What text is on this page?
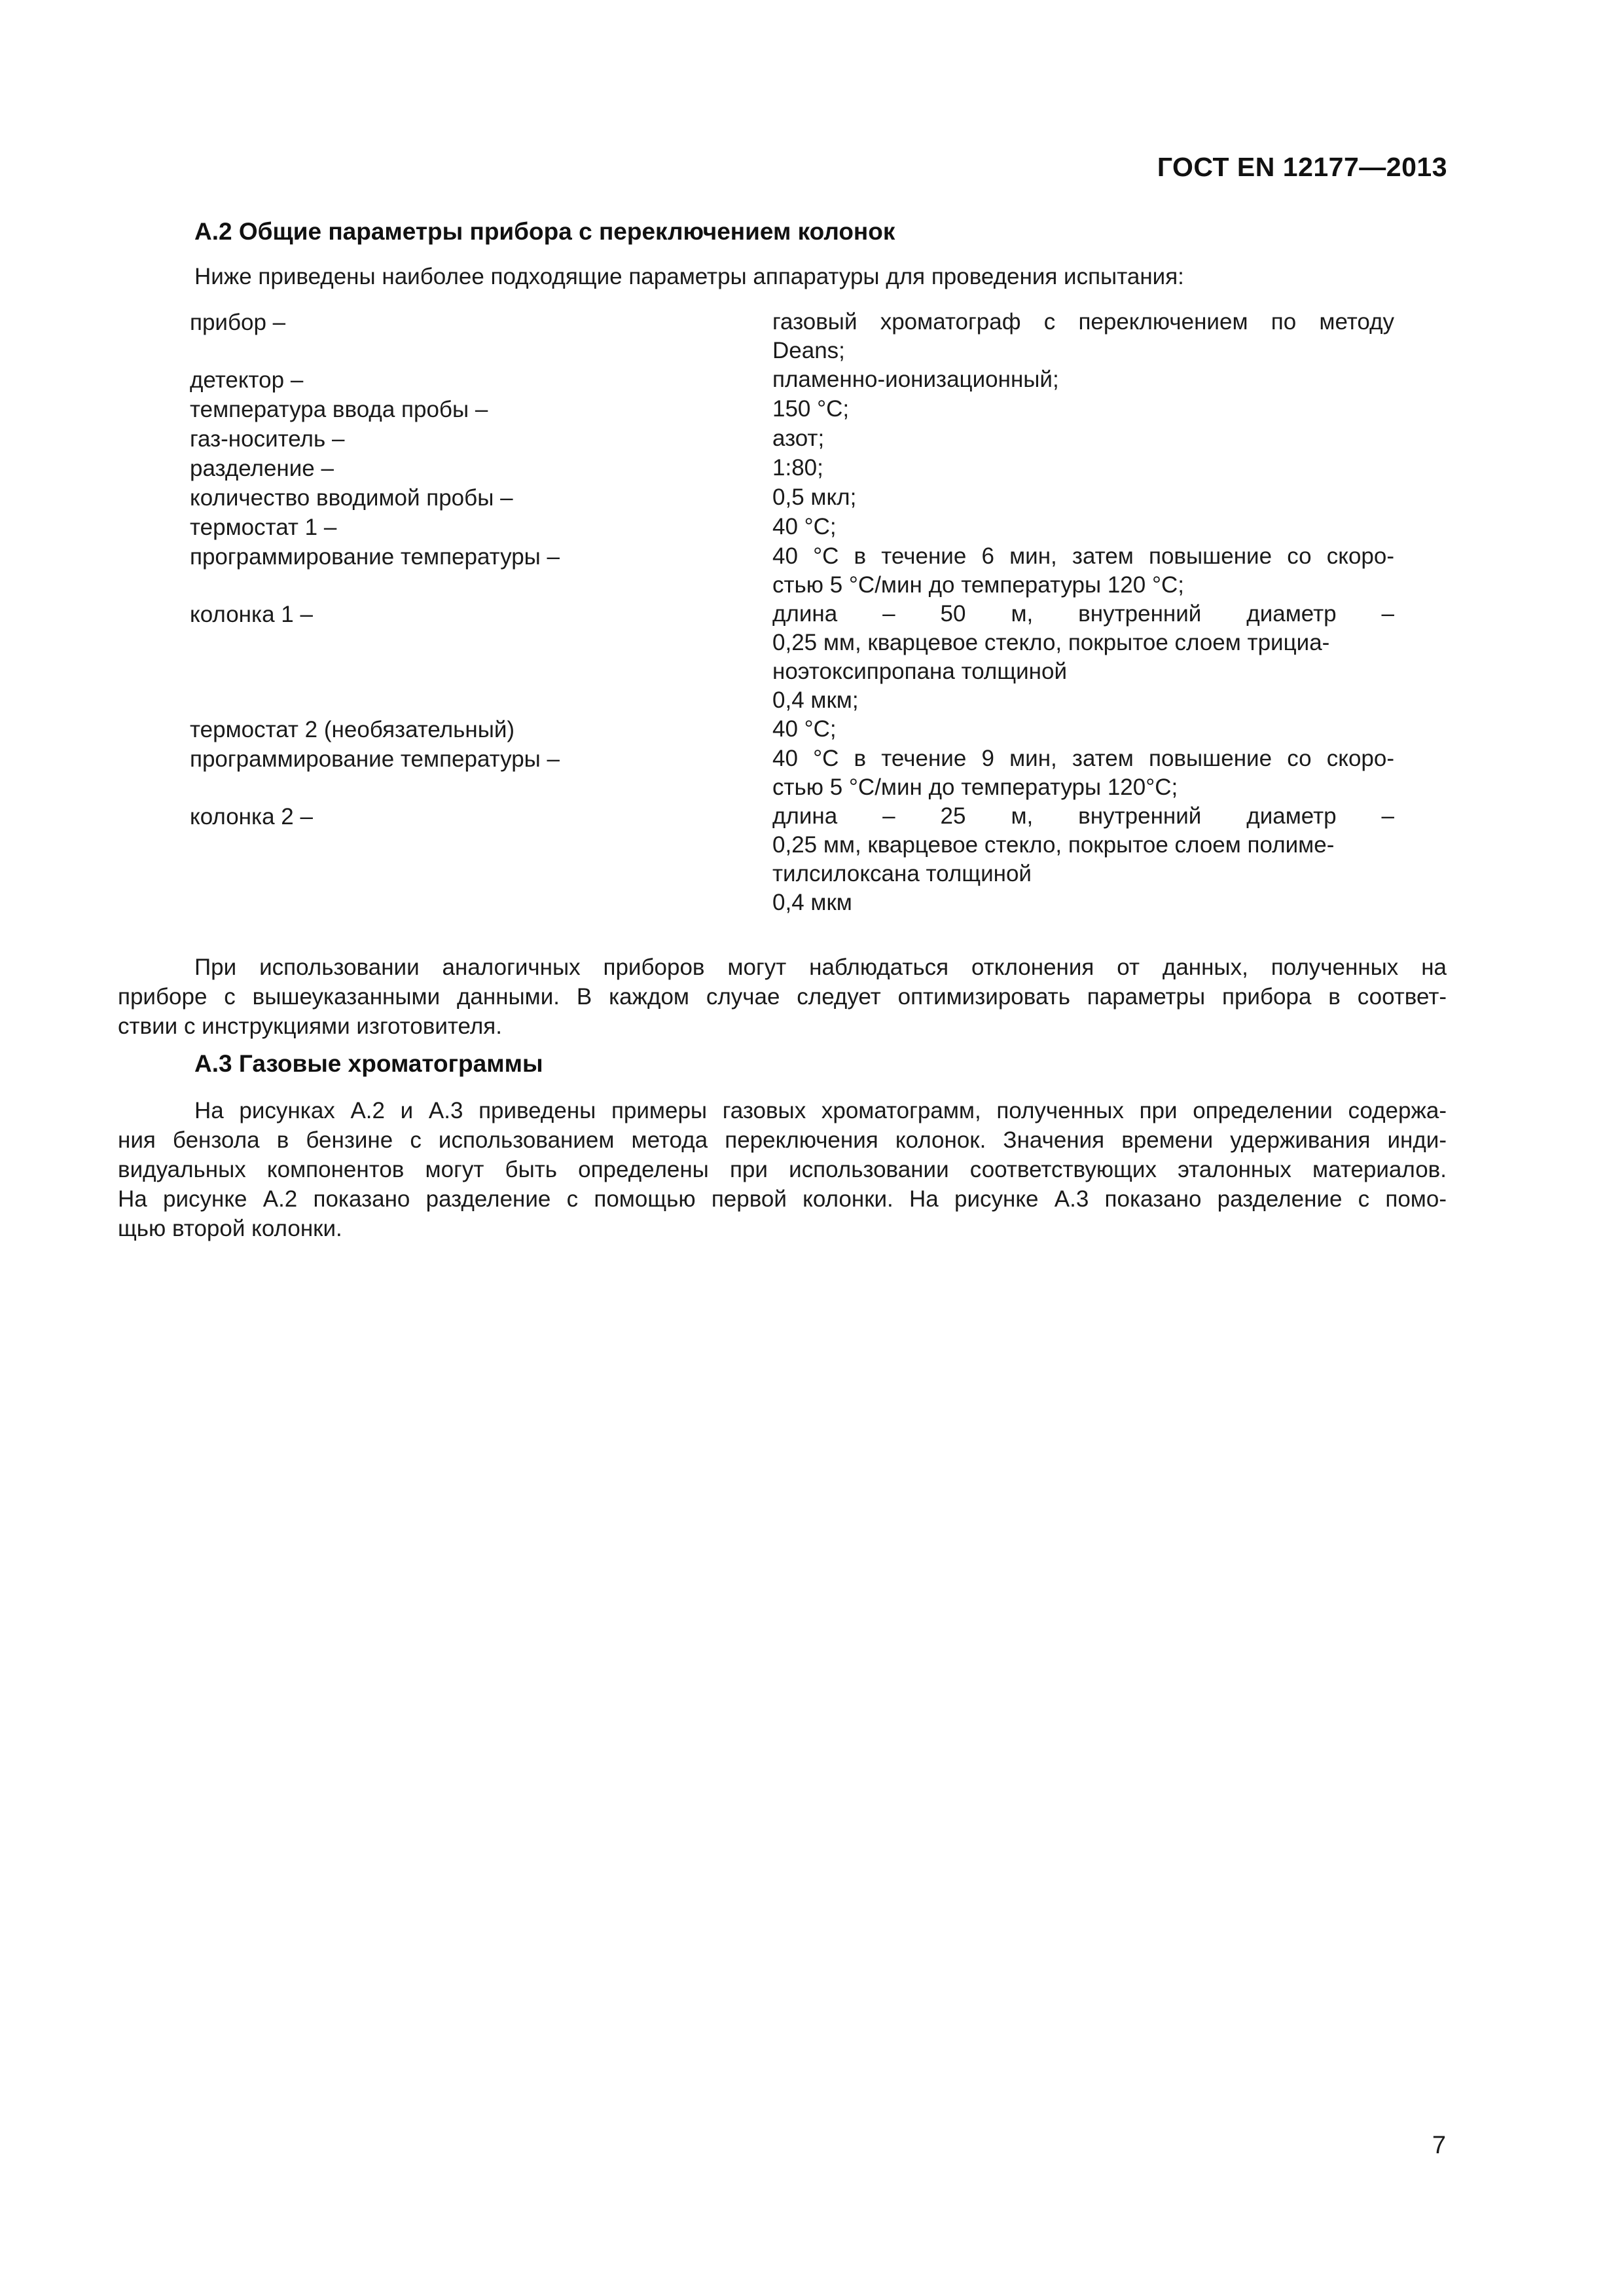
ГОСТ EN 12177—2013
А.2 Общие параметры прибора с переключением колонок
Ниже приведены наиболее подходящие параметры аппаратуры для проведения испытания:
прибор –	газовый хроматограф с переключением по методу
Deans;
детектор –	пламенно-ионизационный;
температура ввода пробы –	150 °С;
газ-носитель –	азот;
разделение –	1:80;
количество вводимой пробы –	0,5 мкл;
термостат 1 –	40 °С;
программирование температуры –	40 °С в течение 6 мин, затем повышение со скоро-
стью 5 °С/мин до температуры 120 °С;
колонка 1 –	длина – 50 м, внутренний диаметр –
0,25 мм, кварцевое стекло, покрытое слоем трициа-
ноэтоксипропана толщиной
0,4 мкм;
термостат 2 (необязательный)	40 °С;
программирование температуры –	40 °С в течение 9 мин, затем повышение со скоро-
стью 5 °С/мин до температуры 120°С;
колонка 2 –	длина – 25 м, внутренний диаметр –
0,25 мм, кварцевое стекло, покрытое слоем полиме-
тилсилоксана толщиной
0,4 мкм
При использовании аналогичных приборов могут наблюдаться отклонения от данных, полученных на
приборе с вышеуказанными данными. В каждом случае следует оптимизировать параметры прибора в соответ-
ствии с инструкциями изготовителя.
А.3 Газовые хроматограммы
На рисунках А.2 и А.3 приведены примеры газовых хроматограмм, полученных при определении содержа-
ния бензола в бензине с использованием метода переключения колонок. Значения времени удерживания инди-
видуальных компонентов могут быть определены при использовании соответствующих эталонных материалов.
На рисунке А.2 показано разделение с помощью первой колонки. На рисунке А.3 показано разделение с помо-
щью второй колонки.
7
